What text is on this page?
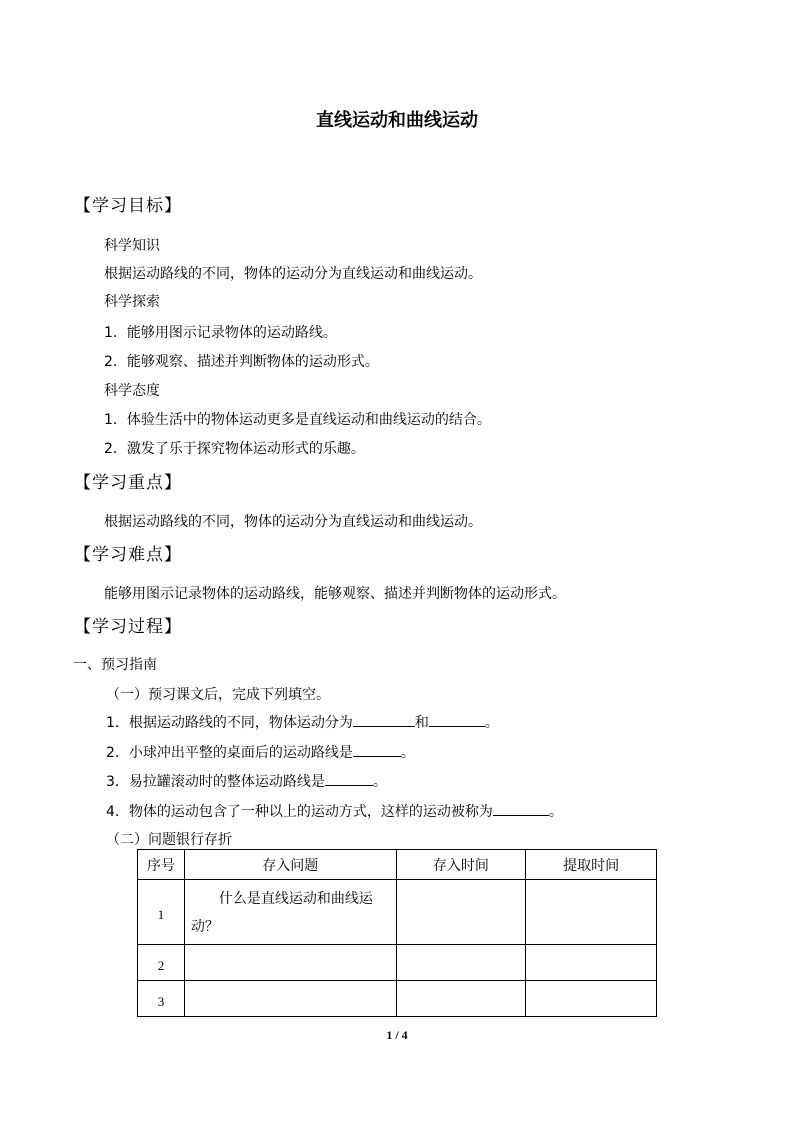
直线运动和曲线运动
【学习目标】
科学知识
根据运动路线的不同，物体的运动分为直线运动和曲线运动。
科学探索
1．能够用图示记录物体的运动路线。
2．能够观察、描述并判断物体的运动形式。
科学态度
1．体验生活中的物体运动更多是直线运动和曲线运动的结合。
2．激发了乐于探究物体运动形式的乐趣。
【学习重点】
根据运动路线的不同，物体的运动分为直线运动和曲线运动。
【学习难点】
能够用图示记录物体的运动路线，能够观察、描述并判断物体的运动形式。
【学习过程】
一、预习指南
（一）预习课文后，完成下列填空。
1．根据运动路线的不同，物体运动分为	和	。
2．小球冲出平整的桌面后的运动路线是	。
3．易拉罐滚动时的整体运动路线是	。
4．物体的运动包含了一种以上的运动方式，这样的运动被称为	。
（二）问题银行存折
序号	存入问题	存入时间	提取时间
1	什么是直线运动和曲线运动？		
2			
3			
1 / 4
